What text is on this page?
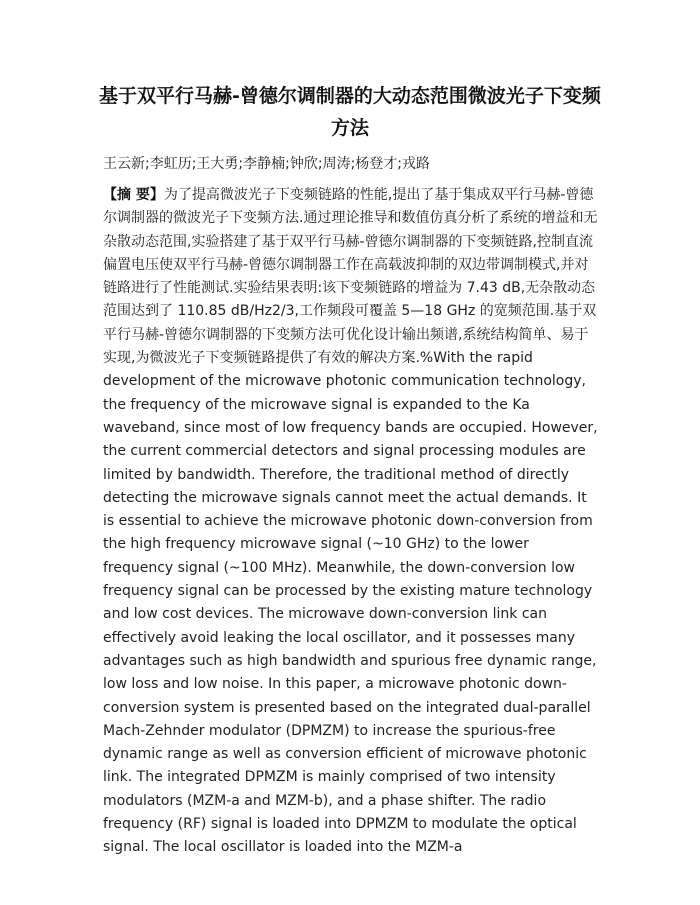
基于双平行马赫-曾德尔调制器的大动态范围微波光子下变频方法
王云新;李虹历;王大勇;李静楠;钟欣;周涛;杨登才;戎路
【摘 要】为了提高微波光子下变频链路的性能,提出了基于集成双平行马赫-曾德尔调制器的微波光子下变频方法.通过理论推导和数值仿真分析了系统的增益和无杂散动态范围,实验搭建了基于双平行马赫-曾德尔调制器的下变频链路,控制直流偏置电压使双平行马赫-曾德尔调制器工作在高载波抑制的双边带调制模式,并对链路进行了性能测试.实验结果表明:该下变频链路的增益为 7.43 dB,无杂散动态范围达到了 110.85 dB/Hz2/3,工作频段可覆盖 5—18 GHz 的宽频范围.基于双平行马赫-曾德尔调制器的下变频方法可优化设计输出频谱,系统结构简单、易于实现,为微波光子下变频链路提供了有效的解决方案.%With the rapid development of the microwave photonic communication technology, the frequency of the microwave signal is expanded to the Ka waveband, since most of low frequency bands are occupied. However, the current commercial detectors and signal processing modules are limited by bandwidth. Therefore, the traditional method of directly detecting the microwave signals cannot meet the actual demands. It is essential to achieve the microwave photonic down-conversion from the high frequency microwave signal (~10 GHz) to the lower frequency signal (~100 MHz). Meanwhile, the down-conversion low frequency signal can be processed by the existing mature technology and low cost devices. The microwave down-conversion link can effectively avoid leaking the local oscillator, and it possesses many advantages such as high bandwidth and spurious free dynamic range, low loss and low noise. In this paper, a microwave photonic down-conversion system is presented based on the integrated dual-parallel Mach-Zehnder modulator (DPMZM) to increase the spurious-free dynamic range as well as conversion efficient of microwave photonic link. The integrated DPMZM is mainly comprised of two intensity modulators (MZM-a and MZM-b), and a phase shifter. The radio frequency (RF) signal is loaded into DPMZM to modulate the optical signal. The local oscillator is loaded into the MZM-a
